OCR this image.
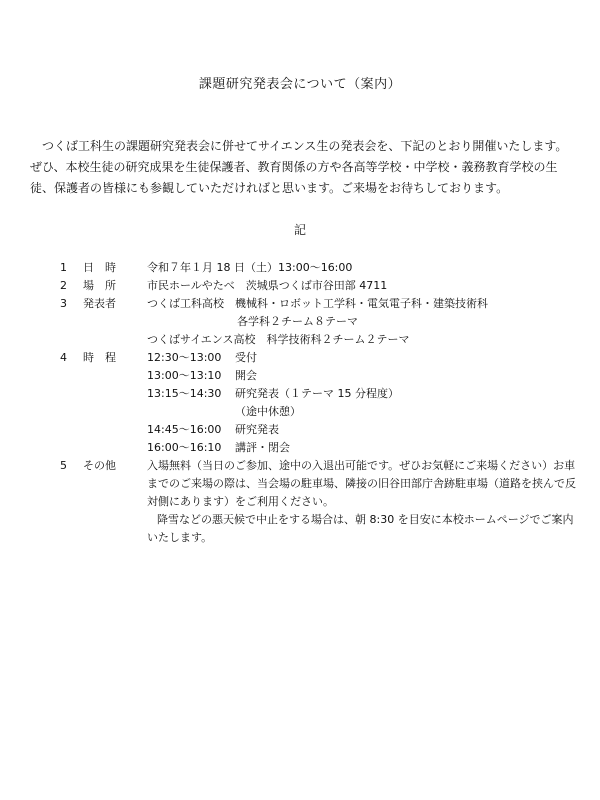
課題研究発表会について（案内）

つくば工科生の課題研究発表会に併せてサイエンス生の発表会を、下記のとおり開催いたします。ぜひ、本校生徒の研究成果を生徒保護者、教育関係の方や各高等学校・中学校・義務教育学校の生徒、保護者の皆様にも参観していただければと思います。ご来場をお待ちしております。

記
1 日　時	令和７年１月 18 日（土）13:00～16:00
2 場　所	市民ホールやたべ　茨城県つくば市谷田部 4711
3 発表者	つくば工科高校　機械科・ロボット工学科・電気電子科・建築技術科
各学科２チーム８テーマ
つくばサイエンス高校　科学技術科２チーム２テーマ
4 時　程	12:30～13:00	受付
13:00～13:10	開会
13:15～14:30	研究発表（１テーマ 15 分程度）
（途中休憩）
14:45～16:00	研究発表
16:00～16:10	講評・閉会
5 その他	入場無料（当日のご参加、途中の入退出可能です。ぜひお気軽にご来場ください）お車までのご来場の際は、当会場の駐車場、隣接の旧谷田部庁舎跡駐車場（道路を挟んで反対側にあります）をご利用ください。
降雪などの悪天候で中止をする場合は、朝 8:30 を目安に本校ホームページでご案内いたします。
